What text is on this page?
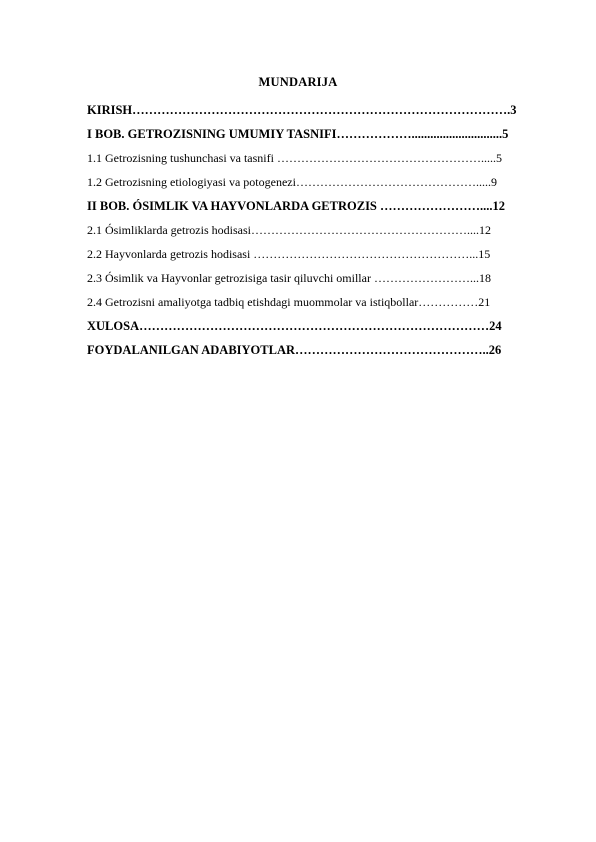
MUNDARIJA
KIRISH……………………………………………………………………………….3
I BOB. GETROZISNING UMUMIY TASNIFI……………….............................5
1.1 Getrozisning tushunchasi va tasnifi …………………………………………….....5
1.2 Getrozisning etiologiyasi va potogenezi……………………………………….....9
II BOB. ÓSIMLIK VA HAYVONLARDA GETROZIS ……………………....12
2.1 Ósimliklarda getrozis hodisasi………………………………………………....12
2.2 Hayvonlarda getrozis hodisasi ………………………………………………...15
2.3 Ósimlik va Hayvonlar getrozisiga tasir qiluvchi omillar ……………………...18
2.4 Getrozisni amaliyotga tadbiq etishdagi muommolar va istiqbollar……………21
XULOSA…………………………………………………………………………24
FOYDALANILGAN ADABIYOTLAR………………………………………..26
